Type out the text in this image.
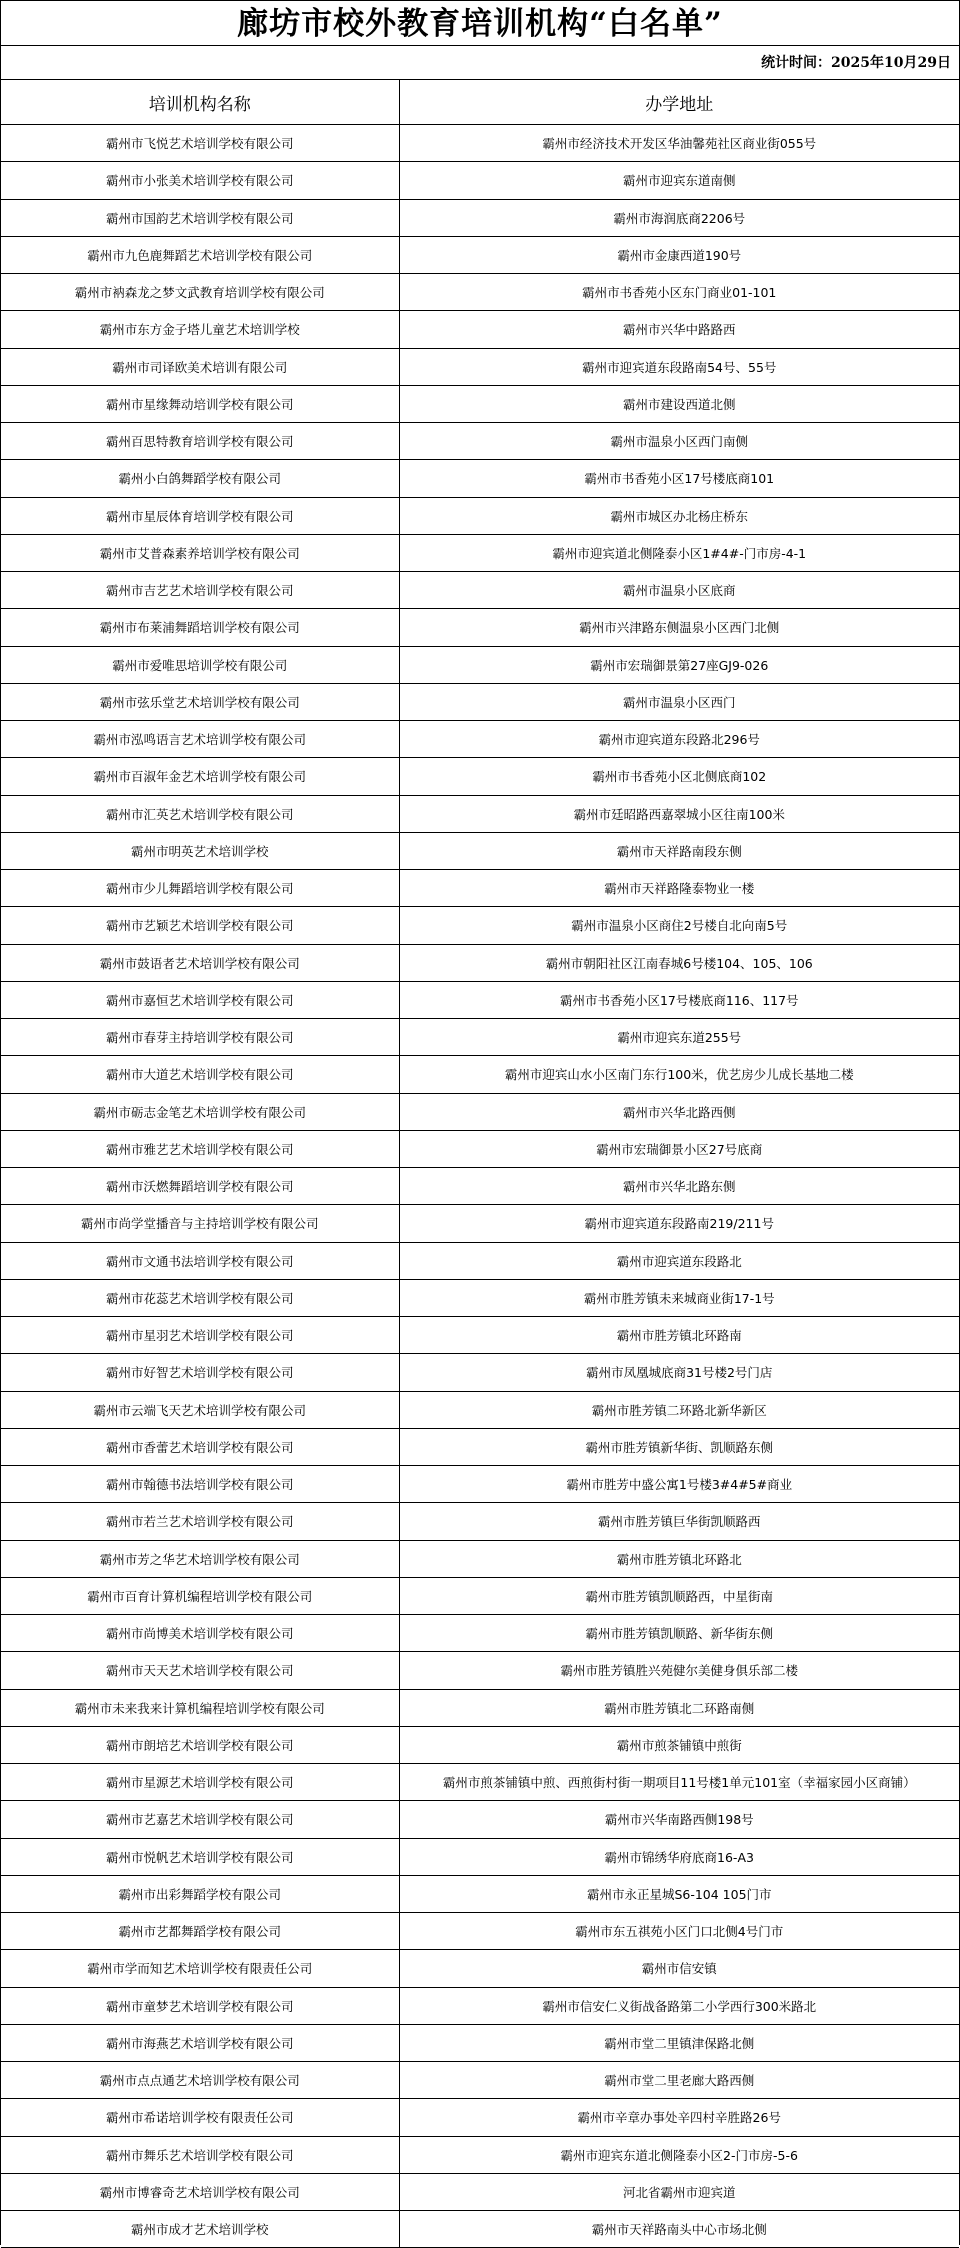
廊坊市校外教育培训机构“白名单”
统计时间：2025年10月29日
培训机构名称	办学地址
霸州市飞悦艺术培训学校有限公司	霸州市经济技术开发区华油馨苑社区商业街055号
霸州市小张美术培训学校有限公司	霸州市迎宾东道南侧
霸州市国韵艺术培训学校有限公司	霸州市海润底商2206号
霸州市九色鹿舞蹈艺术培训学校有限公司	霸州市金康西道190号
霸州市衲森龙之梦文武教育培训学校有限公司	霸州市书香苑小区东门商业01-101
霸州市东方金子塔儿童艺术培训学校	霸州市兴华中路路西
霸州市司译欧美术培训有限公司	霸州市迎宾道东段路南54号、55号
霸州市星缘舞动培训学校有限公司	霸州市建设西道北侧
霸州百思特教育培训学校有限公司	霸州市温泉小区西门南侧
霸州小白鸽舞蹈学校有限公司	霸州市书香苑小区17号楼底商101
霸州市星辰体育培训学校有限公司	霸州市城区办北杨庄桥东
霸州市艾普森素养培训学校有限公司	霸州市迎宾道北侧隆泰小区1#4#-门市房-4-1
霸州市吉艺艺术培训学校有限公司	霸州市温泉小区底商
霸州市布莱浦舞蹈培训学校有限公司	霸州市兴津路东侧温泉小区西门北侧
霸州市爱唯思培训学校有限公司	霸州市宏瑞御景第27座GJ9-026
霸州市弦乐堂艺术培训学校有限公司	霸州市温泉小区西门
霸州市泓鸣语言艺术培训学校有限公司	霸州市迎宾道东段路北296号
霸州市百淑年金艺术培训学校有限公司	霸州市书香苑小区北侧底商102
霸州市汇英艺术培训学校有限公司	霸州市廷昭路西嘉翠城小区往南100米
霸州市明英艺术培训学校	霸州市天祥路南段东侧
霸州市少儿舞蹈培训学校有限公司	霸州市天祥路隆泰物业一楼
霸州市艺颖艺术培训学校有限公司	霸州市温泉小区商住2号楼自北向南5号
霸州市鼓语者艺术培训学校有限公司	霸州市朝阳社区江南春城6号楼104、105、106
霸州市嘉恒艺术培训学校有限公司	霸州市书香苑小区17号楼底商116、117号
霸州市春芽主持培训学校有限公司	霸州市迎宾东道255号
霸州市大道艺术培训学校有限公司	霸州市迎宾山水小区南门东行100米，优艺房少儿成长基地二楼
霸州市砺志金笔艺术培训学校有限公司	霸州市兴华北路西侧
霸州市雅艺艺术培训学校有限公司	霸州市宏瑞御景小区27号底商
霸州市沃燃舞蹈培训学校有限公司	霸州市兴华北路东侧
霸州市尚学堂播音与主持培训学校有限公司	霸州市迎宾道东段路南219/211号
霸州市文通书法培训学校有限公司	霸州市迎宾道东段路北
霸州市花蕊艺术培训学校有限公司	霸州市胜芳镇未来城商业街17-1号
霸州市星羽艺术培训学校有限公司	霸州市胜芳镇北环路南
霸州市好智艺术培训学校有限公司	霸州市凤凰城底商31号楼2号门店
霸州市云端飞天艺术培训学校有限公司	霸州市胜芳镇二环路北新华新区
霸州市香蕾艺术培训学校有限公司	霸州市胜芳镇新华街、凯顺路东侧
霸州市翰德书法培训学校有限公司	霸州市胜芳中盛公寓1号楼3#4#5#商业
霸州市若兰艺术培训学校有限公司	霸州市胜芳镇巨华街凯顺路西
霸州市芳之华艺术培训学校有限公司	霸州市胜芳镇北环路北
霸州市百育计算机编程培训学校有限公司	霸州市胜芳镇凯顺路西，中星街南
霸州市尚博美术培训学校有限公司	霸州市胜芳镇凯顺路、新华街东侧
霸州市天天艺术培训学校有限公司	霸州市胜芳镇胜兴苑健尔美健身俱乐部二楼
霸州市未来我来计算机编程培训学校有限公司	霸州市胜芳镇北二环路南侧
霸州市朗培艺术培训学校有限公司	霸州市煎茶铺镇中煎街
霸州市星源艺术培训学校有限公司	霸州市煎茶铺镇中煎、西煎街村街一期项目11号楼1单元101室（幸福家园小区商铺）
霸州市艺嘉艺术培训学校有限公司	霸州市兴华南路西侧198号
霸州市悦帆艺术培训学校有限公司	霸州市锦绣华府底商16-A3
霸州市出彩舞蹈学校有限公司	霸州市永正星城S6-104 105门市
霸州市艺都舞蹈学校有限公司	霸州市东五祺苑小区门口北侧4号门市
霸州市学而知艺术培训学校有限责任公司	霸州市信安镇
霸州市童梦艺术培训学校有限公司	霸州市信安仁义街战备路第二小学西行300米路北
霸州市海燕艺术培训学校有限公司	霸州市堂二里镇津保路北侧
霸州市点点通艺术培训学校有限公司	霸州市堂二里老廊大路西侧
霸州市希诺培训学校有限责任公司	霸州市辛章办事处辛四村辛胜路26号
霸州市舞乐艺术培训学校有限公司	霸州市迎宾东道北侧隆泰小区2-门市房-5-6
霸州市博睿奇艺术培训学校有限公司	河北省霸州市迎宾道
霸州市成才艺术培训学校	霸州市天祥路南头中心市场北侧
